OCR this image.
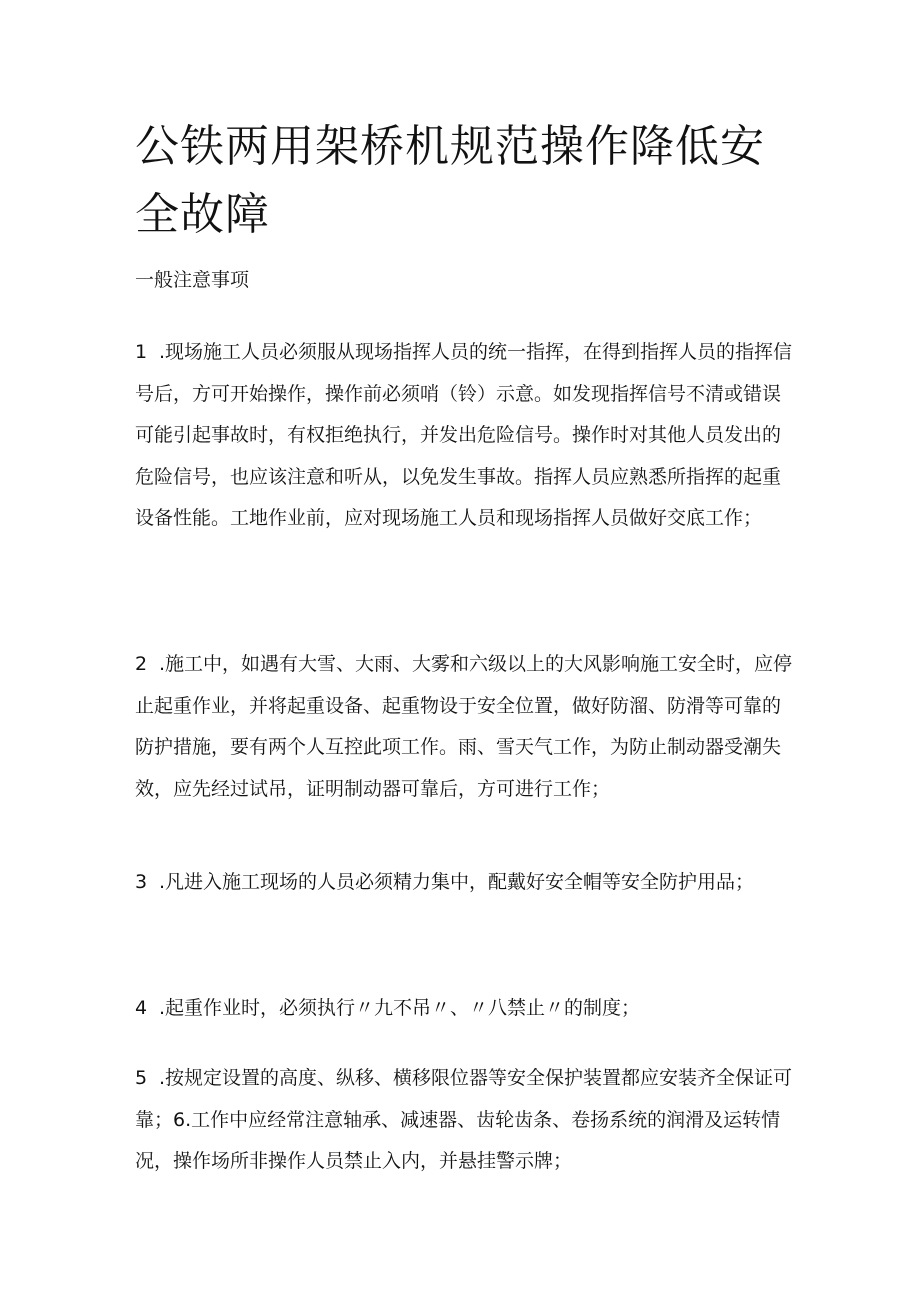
公铁两用架桥机规范操作降低安全故障

一般注意事项

1 .现场施工人员必须服从现场指挥人员的统一指挥，在得到指挥人员的指挥信号后，方可开始操作，操作前必须哨（铃）示意。如发现指挥信号不清或错误可能引起事故时，有权拒绝执行，并发出危险信号。操作时对其他人员发出的危险信号，也应该注意和听从，以免发生事故。指挥人员应熟悉所指挥的起重设备性能。工地作业前，应对现场施工人员和现场指挥人员做好交底工作；

2 .施工中，如遇有大雪、大雨、大雾和六级以上的大风影响施工安全时，应停止起重作业，并将起重设备、起重物设于安全位置，做好防溜、防滑等可靠的防护措施，要有两个人互控此项工作。雨、雪天气工作，为防止制动器受潮失效，应先经过试吊，证明制动器可靠后，方可进行工作；

3 .凡进入施工现场的人员必须精力集中，配戴好安全帽等安全防护用品；

4 .起重作业时，必须执行〃九不吊〃、〃八禁止〃的制度；

5 .按规定设置的高度、纵移、横移限位器等安全保护装置都应安装齐全保证可靠；6.工作中应经常注意轴承、减速器、齿轮齿条、卷扬系统的润滑及运转情况，操作场所非操作人员禁止入内，并悬挂警示牌；
